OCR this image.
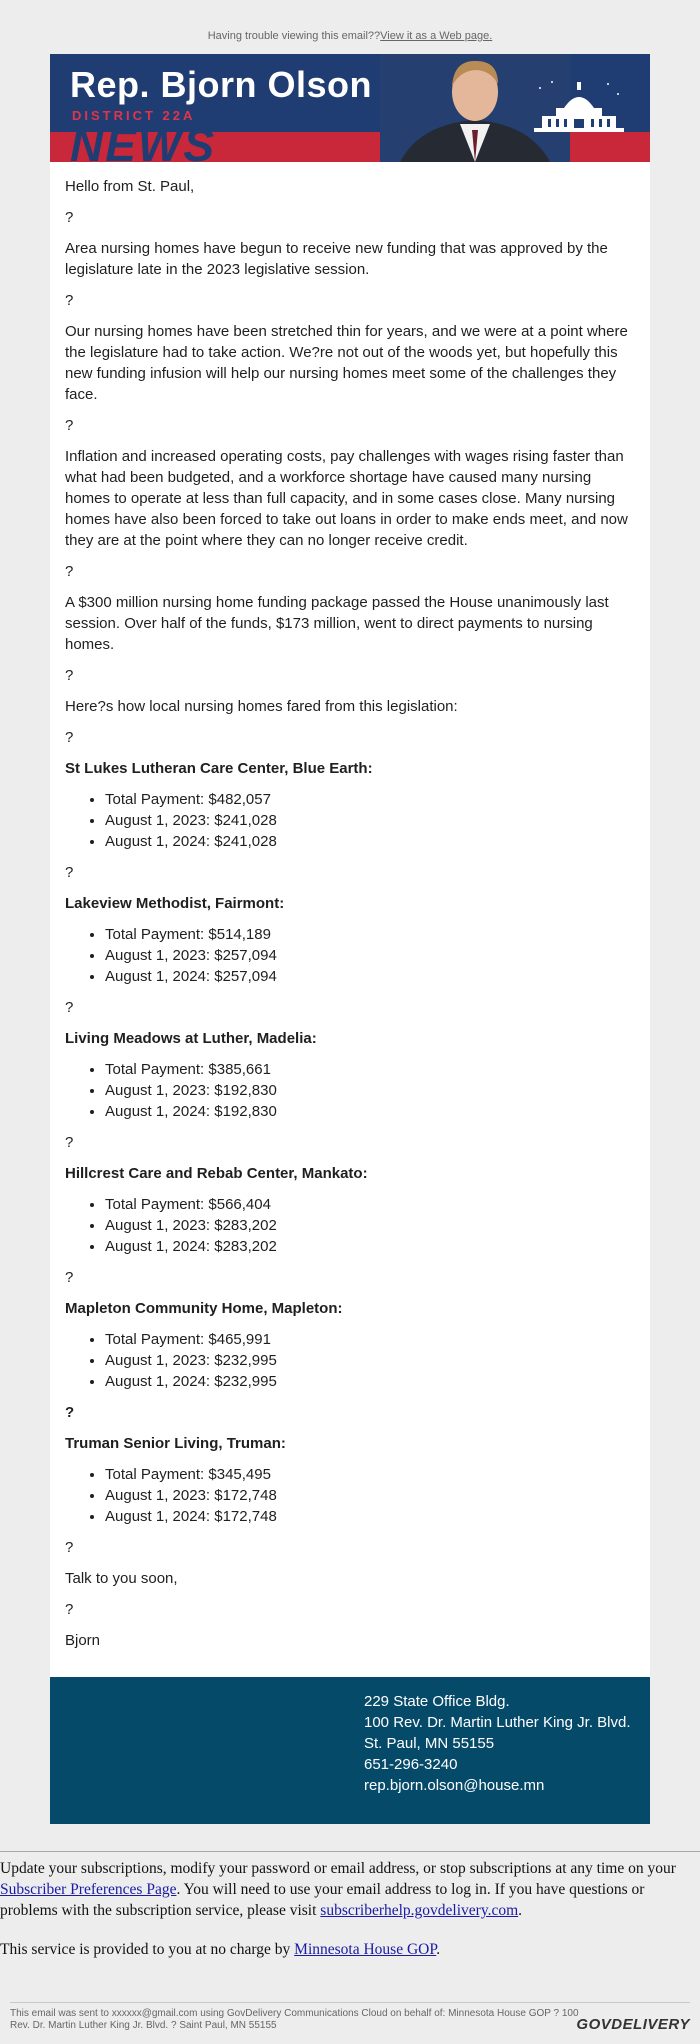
Having trouble viewing this email??View it as a Web page.
Rep. Bjorn Olson
DISTRICT 22A
NEWS

Hello from St. Paul,

?

Area nursing homes have begun to receive new funding that was approved by the legislature late in the 2023 legislative session.

?

Our nursing homes have been stretched thin for years, and we were at a point where the legislature had to take action. We?re not out of the woods yet, but hopefully this new funding infusion will help our nursing homes meet some of the challenges they face.

?

Inflation and increased operating costs, pay challenges with wages rising faster than what had been budgeted, and a workforce shortage have caused many nursing homes to operate at less than full capacity, and in some cases close. Many nursing homes have also been forced to take out loans in order to make ends meet, and now they are at the point where they can no longer receive credit.

?

A $300 million nursing home funding package passed the House unanimously last session. Over half of the funds, $173 million, went to direct payments to nursing homes.

?

Here?s how local nursing homes fared from this legislation:

?

St Lukes Lutheran Care Center, Blue Earth:
• Total Payment: $482,057
• August 1, 2023: $241,028
• August 1, 2024: $241,028

?

Lakeview Methodist, Fairmont:
• Total Payment: $514,189
• August 1, 2023: $257,094
• August 1, 2024: $257,094

?

Living Meadows at Luther, Madelia:
• Total Payment: $385,661
• August 1, 2023: $192,830
• August 1, 2024: $192,830

?

Hillcrest Care and Rebab Center, Mankato:
• Total Payment: $566,404
• August 1, 2023: $283,202
• August 1, 2024: $283,202

?

Mapleton Community Home, Mapleton:
• Total Payment: $465,991
• August 1, 2023: $232,995
• August 1, 2024: $232,995

?

Truman Senior Living, Truman:
• Total Payment: $345,495
• August 1, 2023: $172,748
• August 1, 2024: $172,748

?

Talk to you soon,

?

Bjorn

229 State Office Bldg.
100 Rev. Dr. Martin Luther King Jr. Blvd.
St. Paul, MN 55155
651-296-3240
rep.bjorn.olson@house.mn

Update your subscriptions, modify your password or email address, or stop subscriptions at any time on your Subscriber Preferences Page. You will need to use your email address to log in. If you have questions or problems with the subscription service, please visit subscriberhelp.govdelivery.com.

This service is provided to you at no charge by Minnesota House GOP.

This email was sent to xxxxxx@gmail.com using GovDelivery Communications Cloud on behalf of: Minnesota House GOP ? 100 Rev. Dr. Martin Luther King Jr. Blvd. ? Saint Paul, MN 55155	GOVDELIVERY
